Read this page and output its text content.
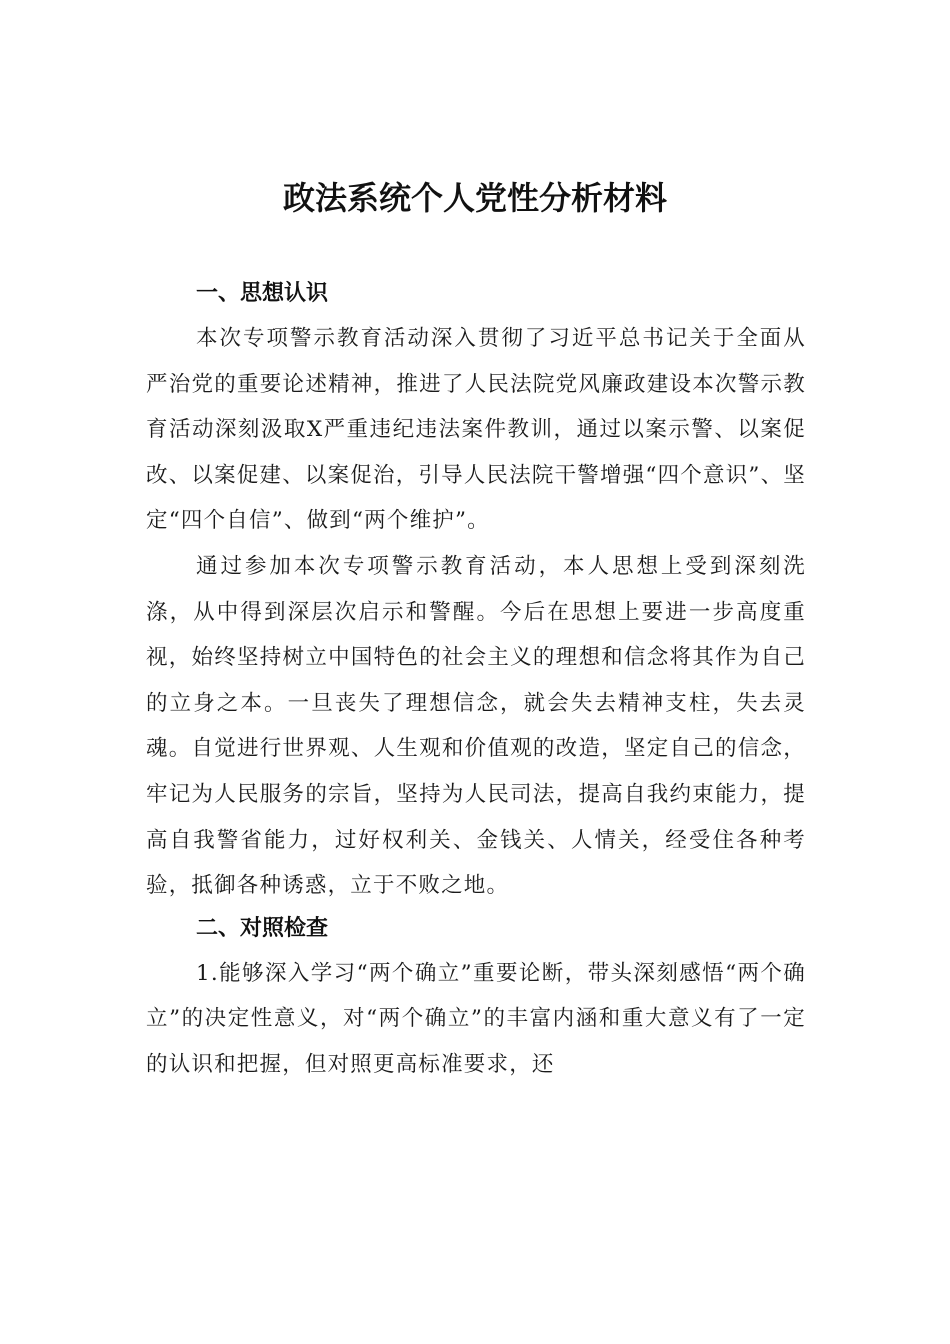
政法系统个人党性分析材料
一、思想认识

本次专项警示教育活动深入贯彻了习近平总书记关于全面从严治党的重要论述精神，推进了人民法院党风廉政建设本次警示教育活动深刻汲取X严重违纪违法案件教训，通过以案示警、以案促改、以案促建、以案促治，引导人民法院干警增强“四个意识”、坚定“四个自信”、做到“两个维护”。

通过参加本次专项警示教育活动，本人思想上受到深刻洗涤，从中得到深层次启示和警醒。今后在思想上要进一步高度重视，始终坚持树立中国特色的社会主义的理想和信念将其作为自己的立身之本。一旦丧失了理想信念，就会失去精神支柱，失去灵魂。自觉进行世界观、人生观和价值观的改造，坚定自己的信念，牢记为人民服务的宗旨，坚持为人民司法，提高自我约束能力，提高自我警省能力，过好权利关、金钱关、人情关，经受住各种考验，抵御各种诱惑，立于不败之地。

二、对照检查

1.能够深入学习“两个确立”重要论断，带头深刻感悟“两个确立”的决定性意义，对“两个确立”的丰富内涵和重大意义有了一定的认识和把握，但对照更高标准要求，还
